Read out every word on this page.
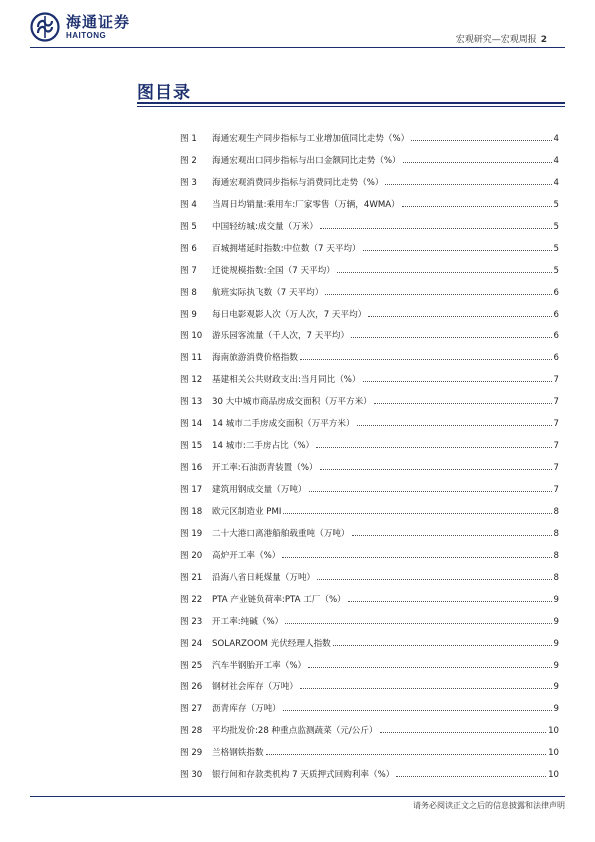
海通证券
HAITONG	宏观研究—宏观周报 2
图目录
图 1	海通宏观生产同步指标与工业增加值同比走势（%）	4
图 2	海通宏观出口同步指标与出口金额同比走势（%）	4
图 3	海通宏观消费同步指标与消费同比走势（%）	4
图 4	当周日均销量:乘用车:厂家零售（万辆，4WMA）	5
图 5	中国轻纺城:成交量（万米）	5
图 6	百城拥堵延时指数:中位数（7 天平均）	5
图 7	迁徙规模指数:全国（7 天平均）	5
图 8	航班实际执飞数（7 天平均）	6
图 9	每日电影观影人次（万人次，7 天平均）	6
图 10	游乐园客流量（千人次，7 天平均）	6
图 11	海南旅游消费价格指数	6
图 12	基建相关公共财政支出:当月同比（%）	7
图 13	30 大中城市商品房成交面积（万平方米）	7
图 14	14 城市二手房成交面积（万平方米）	7
图 15	14 城市:二手房占比（%）	7
图 16	开工率:石油沥青装置（%）	7
图 17	建筑用钢成交量（万吨）	7
图 18	欧元区制造业 PMI	8
图 19	二十大港口离港船舶载重吨（万吨）	8
图 20	高炉开工率（%）	8
图 21	沿海八省日耗煤量（万吨）	8
图 22	PTA 产业链负荷率:PTA 工厂（%）	9
图 23	开工率:纯碱（%）	9
图 24	SOLARZOOM 光伏经理人指数	9
图 25	汽车半钢胎开工率（%）	9
图 26	钢材社会库存（万吨）	9
图 27	沥青库存（万吨）	9
图 28	平均批发价:28 种重点监测蔬菜（元/公斤）	10
图 29	兰格钢铁指数	10
图 30	银行间和存款类机构 7 天质押式回购利率（%）	10
请务必阅读正文之后的信息披露和法律声明
